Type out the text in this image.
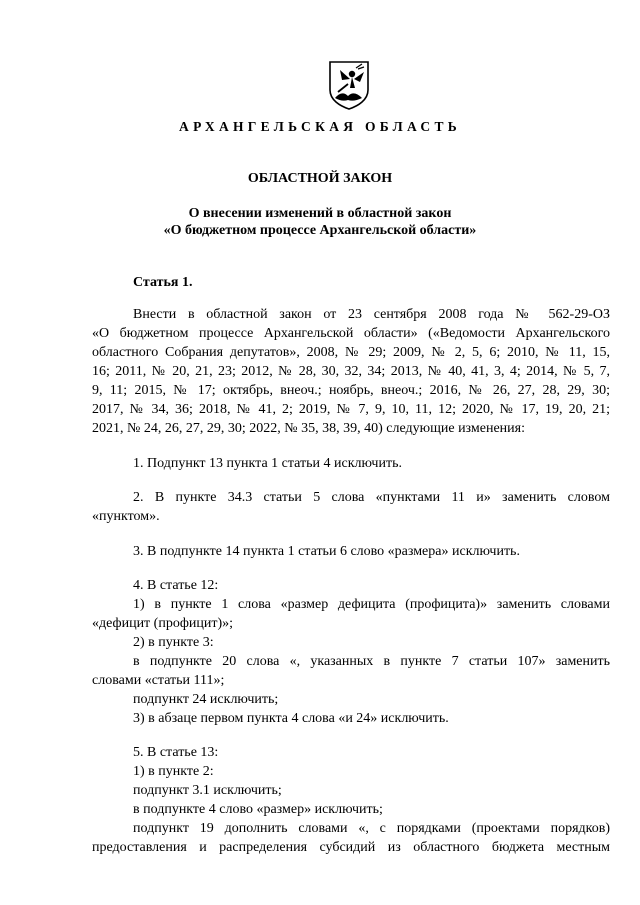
АРХАНГЕЛЬСКАЯ ОБЛАСТЬ
ОБЛАСТНОЙ ЗАКОН
О внесении изменений в областной закон
«О бюджетном процессе Архангельской области»
Статья 1.
Внести в областной закон от 23 сентября 2008 года № 562-29-ОЗ
«О бюджетном процессе Архангельской области» («Ведомости Архангельского
областного Собрания депутатов», 2008, № 29; 2009, № 2, 5, 6; 2010, № 11, 15,
16; 2011, № 20, 21, 23; 2012, № 28, 30, 32, 34; 2013, № 40, 41, 3, 4; 2014, № 5, 7,
9, 11; 2015, № 17; октябрь, внеоч.; ноябрь, внеоч.; 2016, № 26, 27, 28, 29, 30;
2017, № 34, 36; 2018, № 41, 2; 2019, № 7, 9, 10, 11, 12; 2020, № 17, 19, 20, 21;
2021, № 24, 26, 27, 29, 30; 2022, № 35, 38, 39, 40) следующие изменения:
1. Подпункт 13 пункта 1 статьи 4 исключить.
2. В пункте 34.3 статьи 5 слова «пунктами 11 и» заменить словом
«пунктом».
3. В подпункте 14 пункта 1 статьи 6 слово «размера» исключить.
4. В статье 12:
1) в пункте 1 слова «размер дефицита (профицита)» заменить словами
«дефицит (профицит)»;
2) в пункте 3:
в подпункте 20 слова «, указанных в пункте 7 статьи 107» заменить
словами «статьи 111»;
подпункт 24 исключить;
3) в абзаце первом пункта 4 слова «и 24» исключить.
5. В статье 13:
1) в пункте 2:
подпункт 3.1 исключить;
в подпункте 4 слово «размер» исключить;
подпункт 19 дополнить словами «, с порядками (проектами порядков)
предоставления и распределения субсидий из областного бюджета местным
